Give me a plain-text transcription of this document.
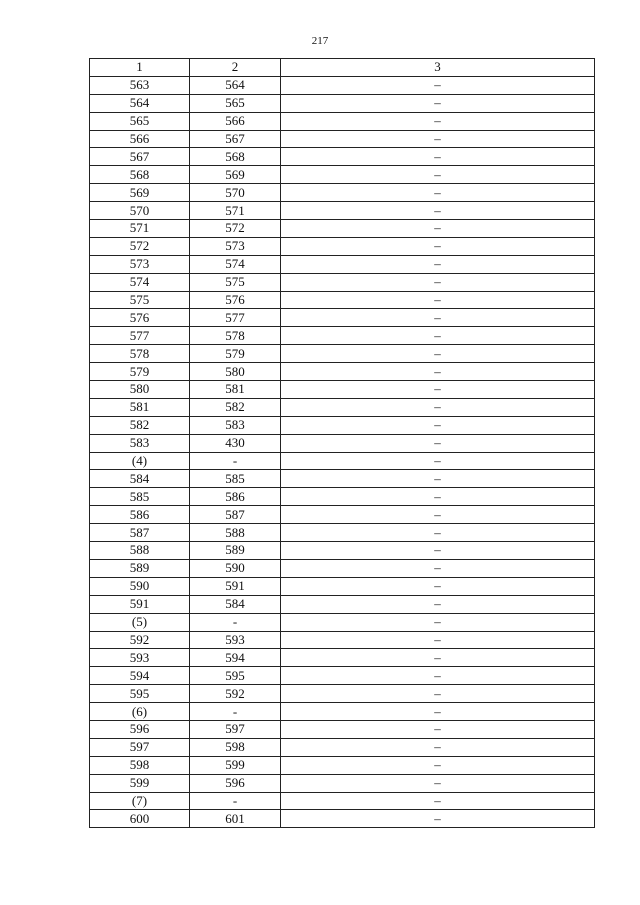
217
1	2	3
563	564	–
564	565	–
565	566	–
566	567	–
567	568	–
568	569	–
569	570	–
570	571	–
571	572	–
572	573	–
573	574	–
574	575	–
575	576	–
576	577	–
577	578	–
578	579	–
579	580	–
580	581	–
581	582	–
582	583	–
583	430	–
(4)	-	–
584	585	–
585	586	–
586	587	–
587	588	–
588	589	–
589	590	–
590	591	–
591	584	–
(5)	-	–
592	593	–
593	594	–
594	595	–
595	592	–
(6)	-	–
596	597	–
597	598	–
598	599	–
599	596	–
(7)	-	–
600	601	–
